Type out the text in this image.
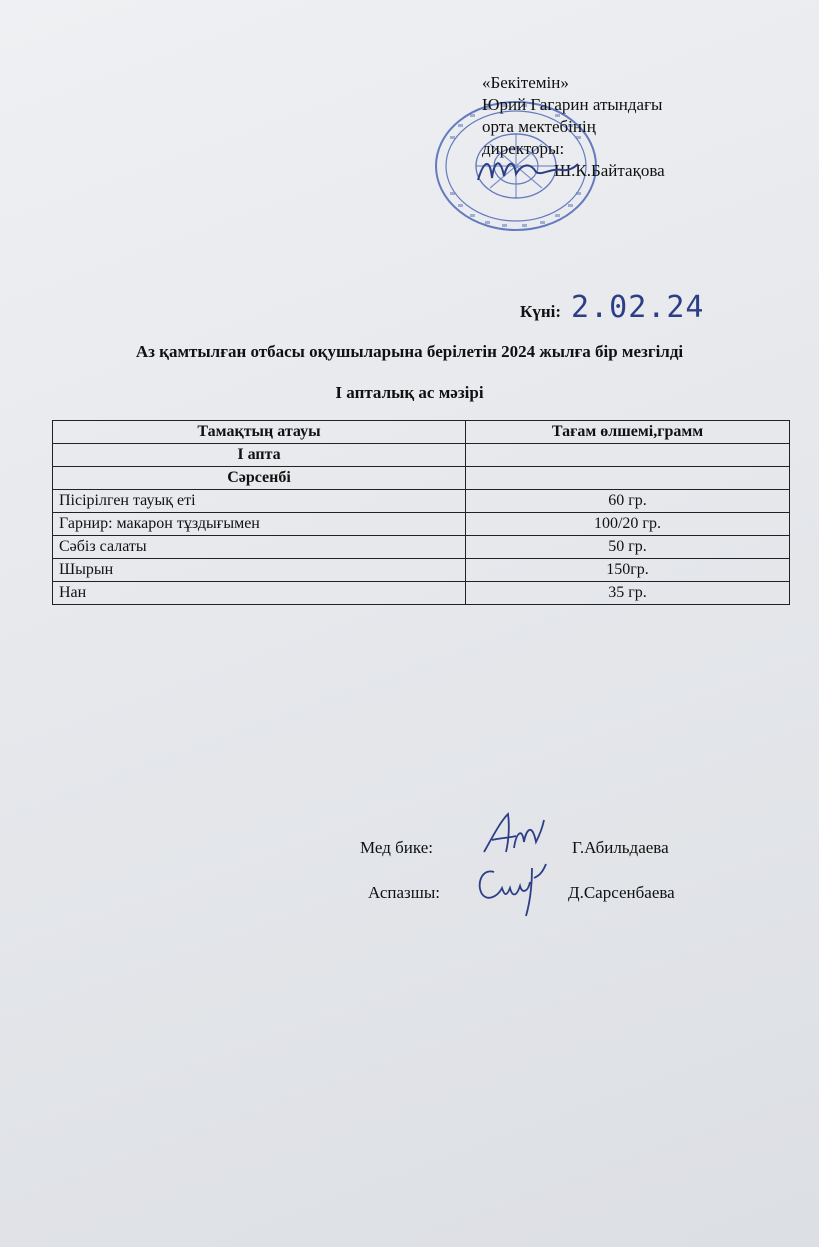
«Бекітемін»
Юрий Гагарин атындағы
орта мектебінің
директоры:
Ш.К.Байтақова
Күні: 2.02.24
Аз қамтылған отбасы оқушыларына берілетін 2024 жылға бір мезгілді
I апталық ас мәзірі
Тамақтың атауы	Тағам өлшемі,грамм
I апта	
Сәрсенбі	
Пісірілген тауық еті	60 гр.
Гарнир: макарон тұздығымен	100/20 гр.
Сәбіз салаты	50 гр.
Шырын	150гр.
Нан	35 гр.
Мед бике:	Г.Абильдаева
Аспазшы:	Д.Сарсенбаева
